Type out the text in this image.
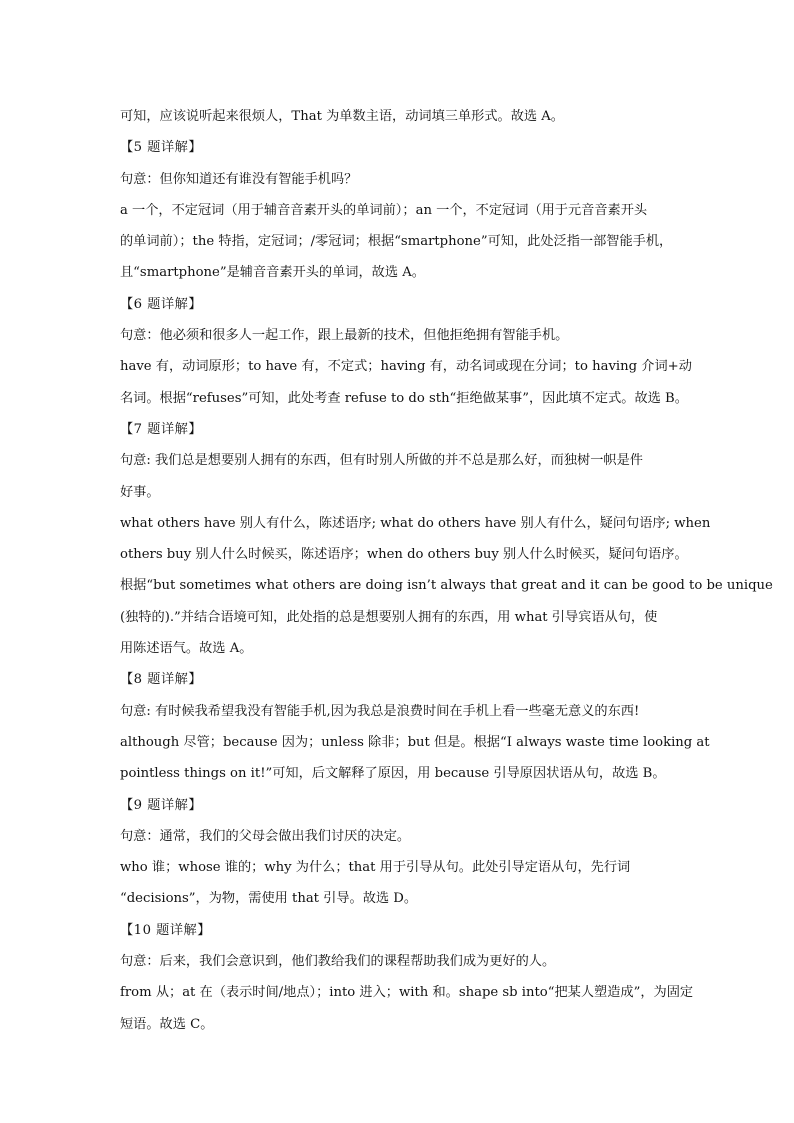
可知，应该说听起来很烦人，That 为单数主语，动词填三单形式。故选 A。
【5 题详解】
句意：但你知道还有谁没有智能手机吗？
a 一个，不定冠词（用于辅音音素开头的单词前）；an 一个，不定冠词（用于元音音素开头
的单词前）；the 特指，定冠词；/零冠词；根据“smartphone”可知，此处泛指一部智能手机，
且“smartphone”是辅音音素开头的单词，故选 A。
【6 题详解】
句意：他必须和很多人一起工作，跟上最新的技术，但他拒绝拥有智能手机。
have 有，动词原形；to have 有，不定式；having 有，动名词或现在分词；to having 介词+动
名词。根据“refuses”可知，此处考查 refuse to do sth“拒绝做某事”，因此填不定式。故选 B。
【7 题详解】
句意: 我们总是想要别人拥有的东西，但有时别人所做的并不总是那么好，而独树一帜是件
好事。
what others have 别人有什么，陈述语序; what do others have 别人有什么，疑问句语序; when
others buy 别人什么时候买，陈述语序；when do others buy 别人什么时候买，疑问句语序。
根据“but sometimes what others are doing isn’t always that great and it can be good to be unique
(独特的).”并结合语境可知，此处指的总是想要别人拥有的东西，用 what 引导宾语从句，使
用陈述语气。故选 A。
【8 题详解】
句意: 有时候我希望我没有智能手机,因为我总是浪费时间在手机上看一些毫无意义的东西!
although 尽管；because 因为；unless 除非；but 但是。根据“I always waste time looking at
pointless things on it!”可知，后文解释了原因，用 because 引导原因状语从句，故选 B。
【9 题详解】
句意：通常，我们的父母会做出我们讨厌的决定。
who 谁；whose 谁的；why 为什么；that 用于引导从句。此处引导定语从句，先行词
“decisions”，为物，需使用 that 引导。故选 D。
【10 题详解】
句意：后来，我们会意识到，他们教给我们的课程帮助我们成为更好的人。
from 从；at 在（表示时间/地点）；into 进入；with 和。shape sb into“把某人塑造成”，为固定
短语。故选 C。
